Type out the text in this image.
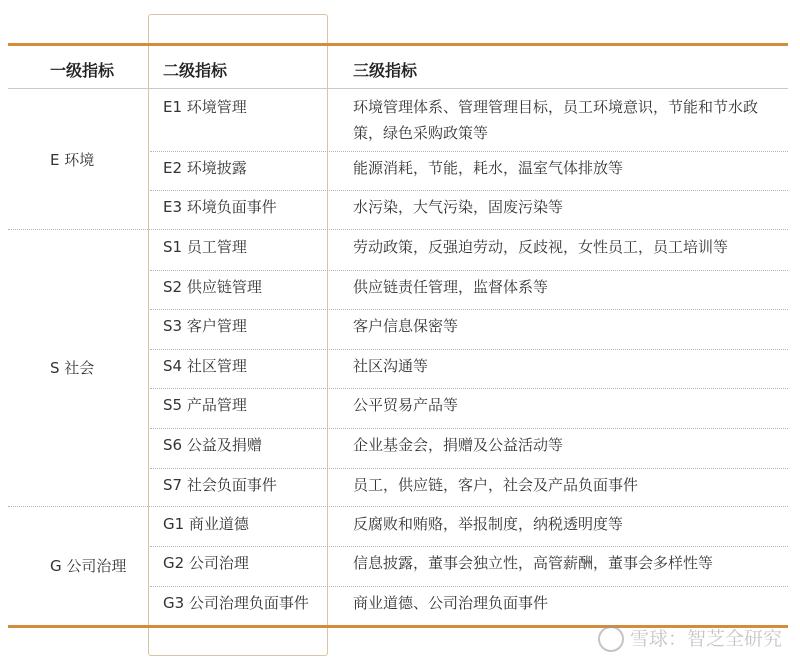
一级指标	二级指标	三级指标
雪球：智芝全研究
E 环境
E1 环境管理	环境管理体系、管理管理目标，员工环境意识，节能和节水政策，绿色采购政策等
E2 环境披露	能源消耗，节能，耗水，温室气体排放等
E3 环境负面事件	水污染，大气污染，固废污染等
S 社会
S1 员工管理	劳动政策，反强迫劳动，反歧视，女性员工，员工培训等
S2 供应链管理	供应链责任管理，监督体系等
S3 客户管理	客户信息保密等
S4 社区管理	社区沟通等
S5 产品管理	公平贸易产品等
S6 公益及捐赠	企业基金会，捐赠及公益活动等
S7 社会负面事件	员工，供应链，客户，社会及产品负面事件
G 公司治理
G1 商业道德	反腐败和贿赂，举报制度，纳税透明度等
G2 公司治理	信息披露，董事会独立性，高管薪酬，董事会多样性等
G3 公司治理负面事件	商业道德、公司治理负面事件
